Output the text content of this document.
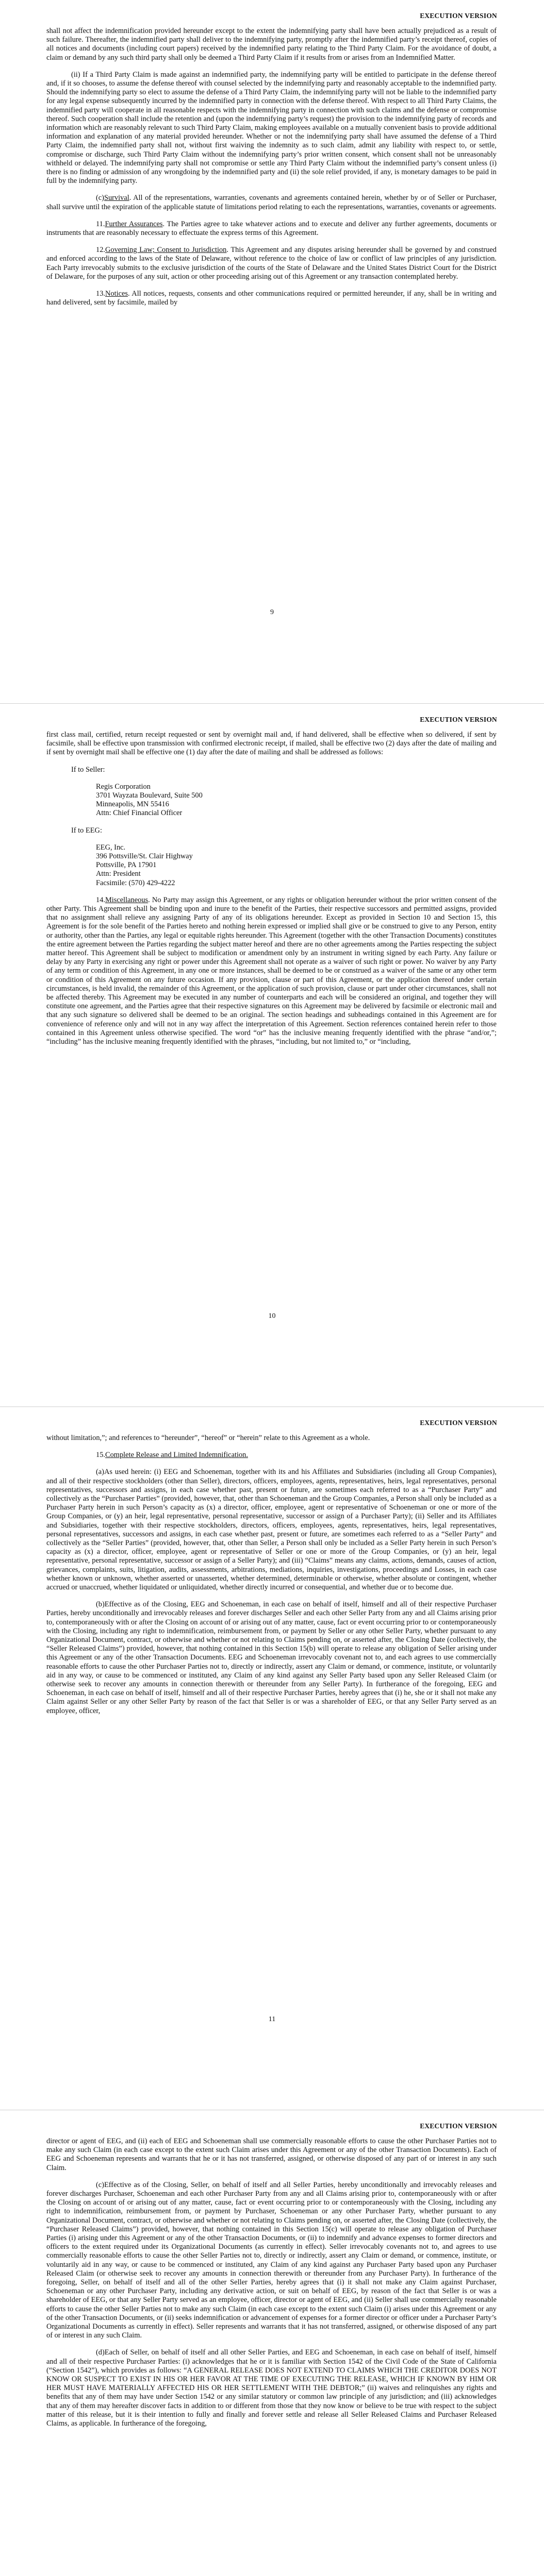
EXECUTION VERSION

shall not affect the indemnification provided hereunder except to the extent the indemnifying party shall have been actually prejudiced as a result of such failure. Thereafter, the indemnified party shall deliver to the indemnifying party, promptly after the indemnified party’s receipt thereof, copies of all notices and documents (including court papers) received by the indemnified party relating to the Third Party Claim. For the avoidance of doubt, a claim or demand by any such third party shall only be deemed a Third Party Claim if it results from or arises from an Indemnified Matter.

(ii) If a Third Party Claim is made against an indemnified party, the indemnifying party will be entitled to participate in the defense thereof and, if it so chooses, to assume the defense thereof with counsel selected by the indemnifying party and reasonably acceptable to the indemnified party. Should the indemnifying party so elect to assume the defense of a Third Party Claim, the indemnifying party will not be liable to the indemnified party for any legal expense subsequently incurred by the indemnified party in connection with the defense thereof. With respect to all Third Party Claims, the indemnified party will cooperate in all reasonable respects with the indemnifying party in connection with such claims and the defense or compromise thereof. Such cooperation shall include the retention and (upon the indemnifying party’s request) the provision to the indemnifying party of records and information which are reasonably relevant to such Third Party Claim, making employees available on a mutually convenient basis to provide additional information and explanation of any material provided hereunder. Whether or not the indemnifying party shall have assumed the defense of a Third Party Claim, the indemnified party shall not, without first waiving the indemnity as to such claim, admit any liability with respect to, or settle, compromise or discharge, such Third Party Claim without the indemnifying party’s prior written consent, which consent shall not be unreasonably withheld or delayed. The indemnifying party shall not compromise or settle any Third Party Claim without the indemnified party’s consent unless (i) there is no finding or admission of any wrongdoing by the indemnified party and (ii) the sole relief provided, if any, is monetary damages to be paid in full by the indemnifying party.

(c)Survival. All of the representations, warranties, covenants and agreements contained herein, whether by or of Seller or Purchaser, shall survive until the expiration of the applicable statute of limitations period relating to each the representations, warranties, covenants or agreements.

11.Further Assurances. The Parties agree to take whatever actions and to execute and deliver any further agreements, documents or instruments that are reasonably necessary to effectuate the express terms of this Agreement.

12.Governing Law; Consent to Jurisdiction. This Agreement and any disputes arising hereunder shall be governed by and construed and enforced according to the laws of the State of Delaware, without reference to the choice of law or conflict of law principles of any jurisdiction. Each Party irrevocably submits to the exclusive jurisdiction of the courts of the State of Delaware and the United States District Court for the District of Delaware, for the purposes of any suit, action or other proceeding arising out of this Agreement or any transaction contemplated hereby.

13.Notices. All notices, requests, consents and other communications required or permitted hereunder, if any, shall be in writing and hand delivered, sent by facsimile, mailed by

9
EXECUTION VERSION

first class mail, certified, return receipt requested or sent by overnight mail and, if hand delivered, shall be effective when so delivered, if sent by facsimile, shall be effective upon transmission with confirmed electronic receipt, if mailed, shall be effective two (2) days after the date of mailing and if sent by overnight mail shall be effective one (1) day after the date of mailing and shall be addressed as follows:

If to Seller:
Regis Corporation
3701 Wayzata Boulevard, Suite 500
Minneapolis, MN 55416
Attn: Chief Financial Officer
If to EEG:
EEG, Inc.
396 Pottsville/St. Clair Highway
Pottsville, PA 17901
Attn: President
Facsimile: (570) 429-4222

14.Miscellaneous. No Party may assign this Agreement, or any rights or obligation hereunder without the prior written consent of the other Party. This Agreement shall be binding upon and inure to the benefit of the Parties, their respective successors and permitted assigns, provided that no assignment shall relieve any assigning Party of any of its obligations hereunder. Except as provided in Section 10 and Section 15, this Agreement is for the sole benefit of the Parties hereto and nothing herein expressed or implied shall give or be construed to give to any Person, entity or authority, other than the Parties, any legal or equitable rights hereunder. This Agreement (together with the other Transaction Documents) constitutes the entire agreement between the Parties regarding the subject matter hereof and there are no other agreements among the Parties respecting the subject matter hereof. This Agreement shall be subject to modification or amendment only by an instrument in writing signed by each Party. Any failure or delay by any Party in exercising any right or power under this Agreement shall not operate as a waiver of such right or power. No waiver by any Party of any term or condition of this Agreement, in any one or more instances, shall be deemed to be or construed as a waiver of the same or any other term or condition of this Agreement on any future occasion. If any provision, clause or part of this Agreement, or the application thereof under certain circumstances, is held invalid, the remainder of this Agreement, or the application of such provision, clause or part under other circumstances, shall not be affected thereby. This Agreement may be executed in any number of counterparts and each will be considered an original, and together they will constitute one agreement, and the Parties agree that their respective signatures on this Agreement may be delivered by facsimile or electronic mail and that any such signature so delivered shall be deemed to be an original. The section headings and subheadings contained in this Agreement are for convenience of reference only and will not in any way affect the interpretation of this Agreement. Section references contained herein refer to those contained in this Agreement unless otherwise specified. The word “or” has the inclusive meaning frequently identified with the phrase “and/or,”; “including” has the inclusive meaning frequently identified with the phrases, “including, but not limited to,” or “including,

10
EXECUTION VERSION

without limitation,”; and references to “hereunder”, “hereof” or “herein” relate to this Agreement as a whole.

15.Complete Release and Limited Indemnification.

(a)As used herein: (i) EEG and Schoeneman, together with its and his Affiliates and Subsidiaries (including all Group Companies), and all of their respective stockholders (other than Seller), directors, officers, employees, agents, representatives, heirs, legal representatives, personal representatives, successors and assigns, in each case whether past, present or future, are sometimes each referred to as a “Purchaser Party” and collectively as the “Purchaser Parties” (provided, however, that, other than Schoeneman and the Group Companies, a Person shall only be included as a Purchaser Party herein in such Person’s capacity as (x) a director, officer, employee, agent or representative of Schoeneman or one or more of the Group Companies, or (y) an heir, legal representative, personal representative, successor or assign of a Purchaser Party); (ii) Seller and its Affiliates and Subsidiaries, together with their respective stockholders, directors, officers, employees, agents, representatives, heirs, legal representatives, personal representatives, successors and assigns, in each case whether past, present or future, are sometimes each referred to as a “Seller Party” and collectively as the “Seller Parties” (provided, however, that, other than Seller, a Person shall only be included as a Seller Party herein in such Person’s capacity as (x) a director, officer, employee, agent or representative of Seller or one or more of the Group Companies, or (y) an heir, legal representative, personal representative, successor or assign of a Seller Party); and (iii) “Claims” means any claims, actions, demands, causes of action, grievances, complaints, suits, litigation, audits, assessments, arbitrations, mediations, inquiries, investigations, proceedings and Losses, in each case whether known or unknown, whether asserted or unasserted, whether determined, determinable or otherwise, whether absolute or contingent, whether accrued or unaccrued, whether liquidated or unliquidated, whether directly incurred or consequential, and whether due or to become due.

(b)Effective as of the Closing, EEG and Schoeneman, in each case on behalf of itself, himself and all of their respective Purchaser Parties, hereby unconditionally and irrevocably releases and forever discharges Seller and each other Seller Party from any and all Claims arising prior to, contemporaneously with or after the Closing on account of or arising out of any matter, cause, fact or event occurring prior to or contemporaneously with the Closing, including any right to indemnification, reimbursement from, or payment by Seller or any other Seller Party, whether pursuant to any Organizational Document, contract, or otherwise and whether or not relating to Claims pending on, or asserted after, the Closing Date (collectively, the “Seller Released Claims”) provided, however, that nothing contained in this Section 15(b) will operate to release any obligation of Seller arising under this Agreement or any of the other Transaction Documents. EEG and Schoeneman irrevocably covenant not to, and each agrees to use commercially reasonable efforts to cause the other Purchaser Parties not to, directly or indirectly, assert any Claim or demand, or commence, institute, or voluntarily aid in any way, or cause to be commenced or instituted, any Claim of any kind against any Seller Party based upon any Seller Released Claim (or otherwise seek to recover any amounts in connection therewith or thereunder from any Seller Party). In furtherance of the foregoing, EEG and Schoeneman, in each case on behalf of itself, himself and all of their respective Purchaser Parties, hereby agrees that (i) he, she or it shall not make any Claim against Seller or any other Seller Party by reason of the fact that Seller is or was a shareholder of EEG, or that any Seller Party served as an employee, officer,

11
EXECUTION VERSION

director or agent of EEG, and (ii) each of EEG and Schoeneman shall use commercially reasonable efforts to cause the other Purchaser Parties not to make any such Claim (in each case except to the extent such Claim arises under this Agreement or any of the other Transaction Documents). Each of EEG and Schoeneman represents and warrants that he or it has not transferred, assigned, or otherwise disposed of any part of or interest in any such Claim.

(c)Effective as of the Closing, Seller, on behalf of itself and all Seller Parties, hereby unconditionally and irrevocably releases and forever discharges Purchaser, Schoeneman and each other Purchaser Party from any and all Claims arising prior to, contemporaneously with or after the Closing on account of or arising out of any matter, cause, fact or event occurring prior to or contemporaneously with the Closing, including any right to indemnification, reimbursement from, or payment by Purchaser, Schoeneman or any other Purchaser Party, whether pursuant to any Organizational Document, contract, or otherwise and whether or not relating to Claims pending on, or asserted after, the Closing Date (collectively, the “Purchaser Released Claims”) provided, however, that nothing contained in this Section 15(c) will operate to release any obligation of Purchaser Parties (i) arising under this Agreement or any of the other Transaction Documents, or (ii) to indemnify and advance expenses to former directors and officers to the extent required under its Organizational Documents (as currently in effect). Seller irrevocably covenants not to, and agrees to use commercially reasonable efforts to cause the other Seller Parties not to, directly or indirectly, assert any Claim or demand, or commence, institute, or voluntarily aid in any way, or cause to be commenced or instituted, any Claim of any kind against any Purchaser Party based upon any Purchaser Released Claim (or otherwise seek to recover any amounts in connection therewith or thereunder from any Purchaser Party). In furtherance of the foregoing, Seller, on behalf of itself and all of the other Seller Parties, hereby agrees that (i) it shall not make any Claim against Purchaser, Schoeneman or any other Purchaser Party, including any derivative action, or suit on behalf of EEG, by reason of the fact that Seller is or was a shareholder of EEG, or that any Seller Party served as an employee, officer, director or agent of EEG, and (ii) Seller shall use commercially reasonable efforts to cause the other Seller Parties not to make any such Claim (in each case except to the extent such Claim (i) arises under this Agreement or any of the other Transaction Documents, or (ii) seeks indemnification or advancement of expenses for a former director or officer under a Purchaser Party’s Organizational Documents as currently in effect). Seller represents and warrants that it has not transferred, assigned, or otherwise disposed of any part of or interest in any such Claim.

(d)Each of Seller, on behalf of itself and all other Seller Parties, and EEG and Schoeneman, in each case on behalf of itself, himself and all of their respective Purchaser Parties: (i) acknowledges that he or it is familiar with Section 1542 of the Civil Code of the State of California (“Section 1542”), which provides as follows: “A GENERAL RELEASE DOES NOT EXTEND TO CLAIMS WHICH THE CREDITOR DOES NOT KNOW OR SUSPECT TO EXIST IN HIS OR HER FAVOR AT THE TIME OF EXECUTING THE RELEASE, WHICH IF KNOWN BY HIM OR HER MUST HAVE MATERIALLY AFFECTED HIS OR HER SETTLEMENT WITH THE DEBTOR;” (ii) waives and relinquishes any rights and benefits that any of them may have under Section 1542 or any similar statutory or common law principle of any jurisdiction; and (iii) acknowledges that any of them may hereafter discover facts in addition to or different from those that they now know or believe to be true with respect to the subject matter of this release, but it is their intention to fully and finally and forever settle and release all Seller Released Claims and Purchaser Released Claims, as applicable. In furtherance of the foregoing,
